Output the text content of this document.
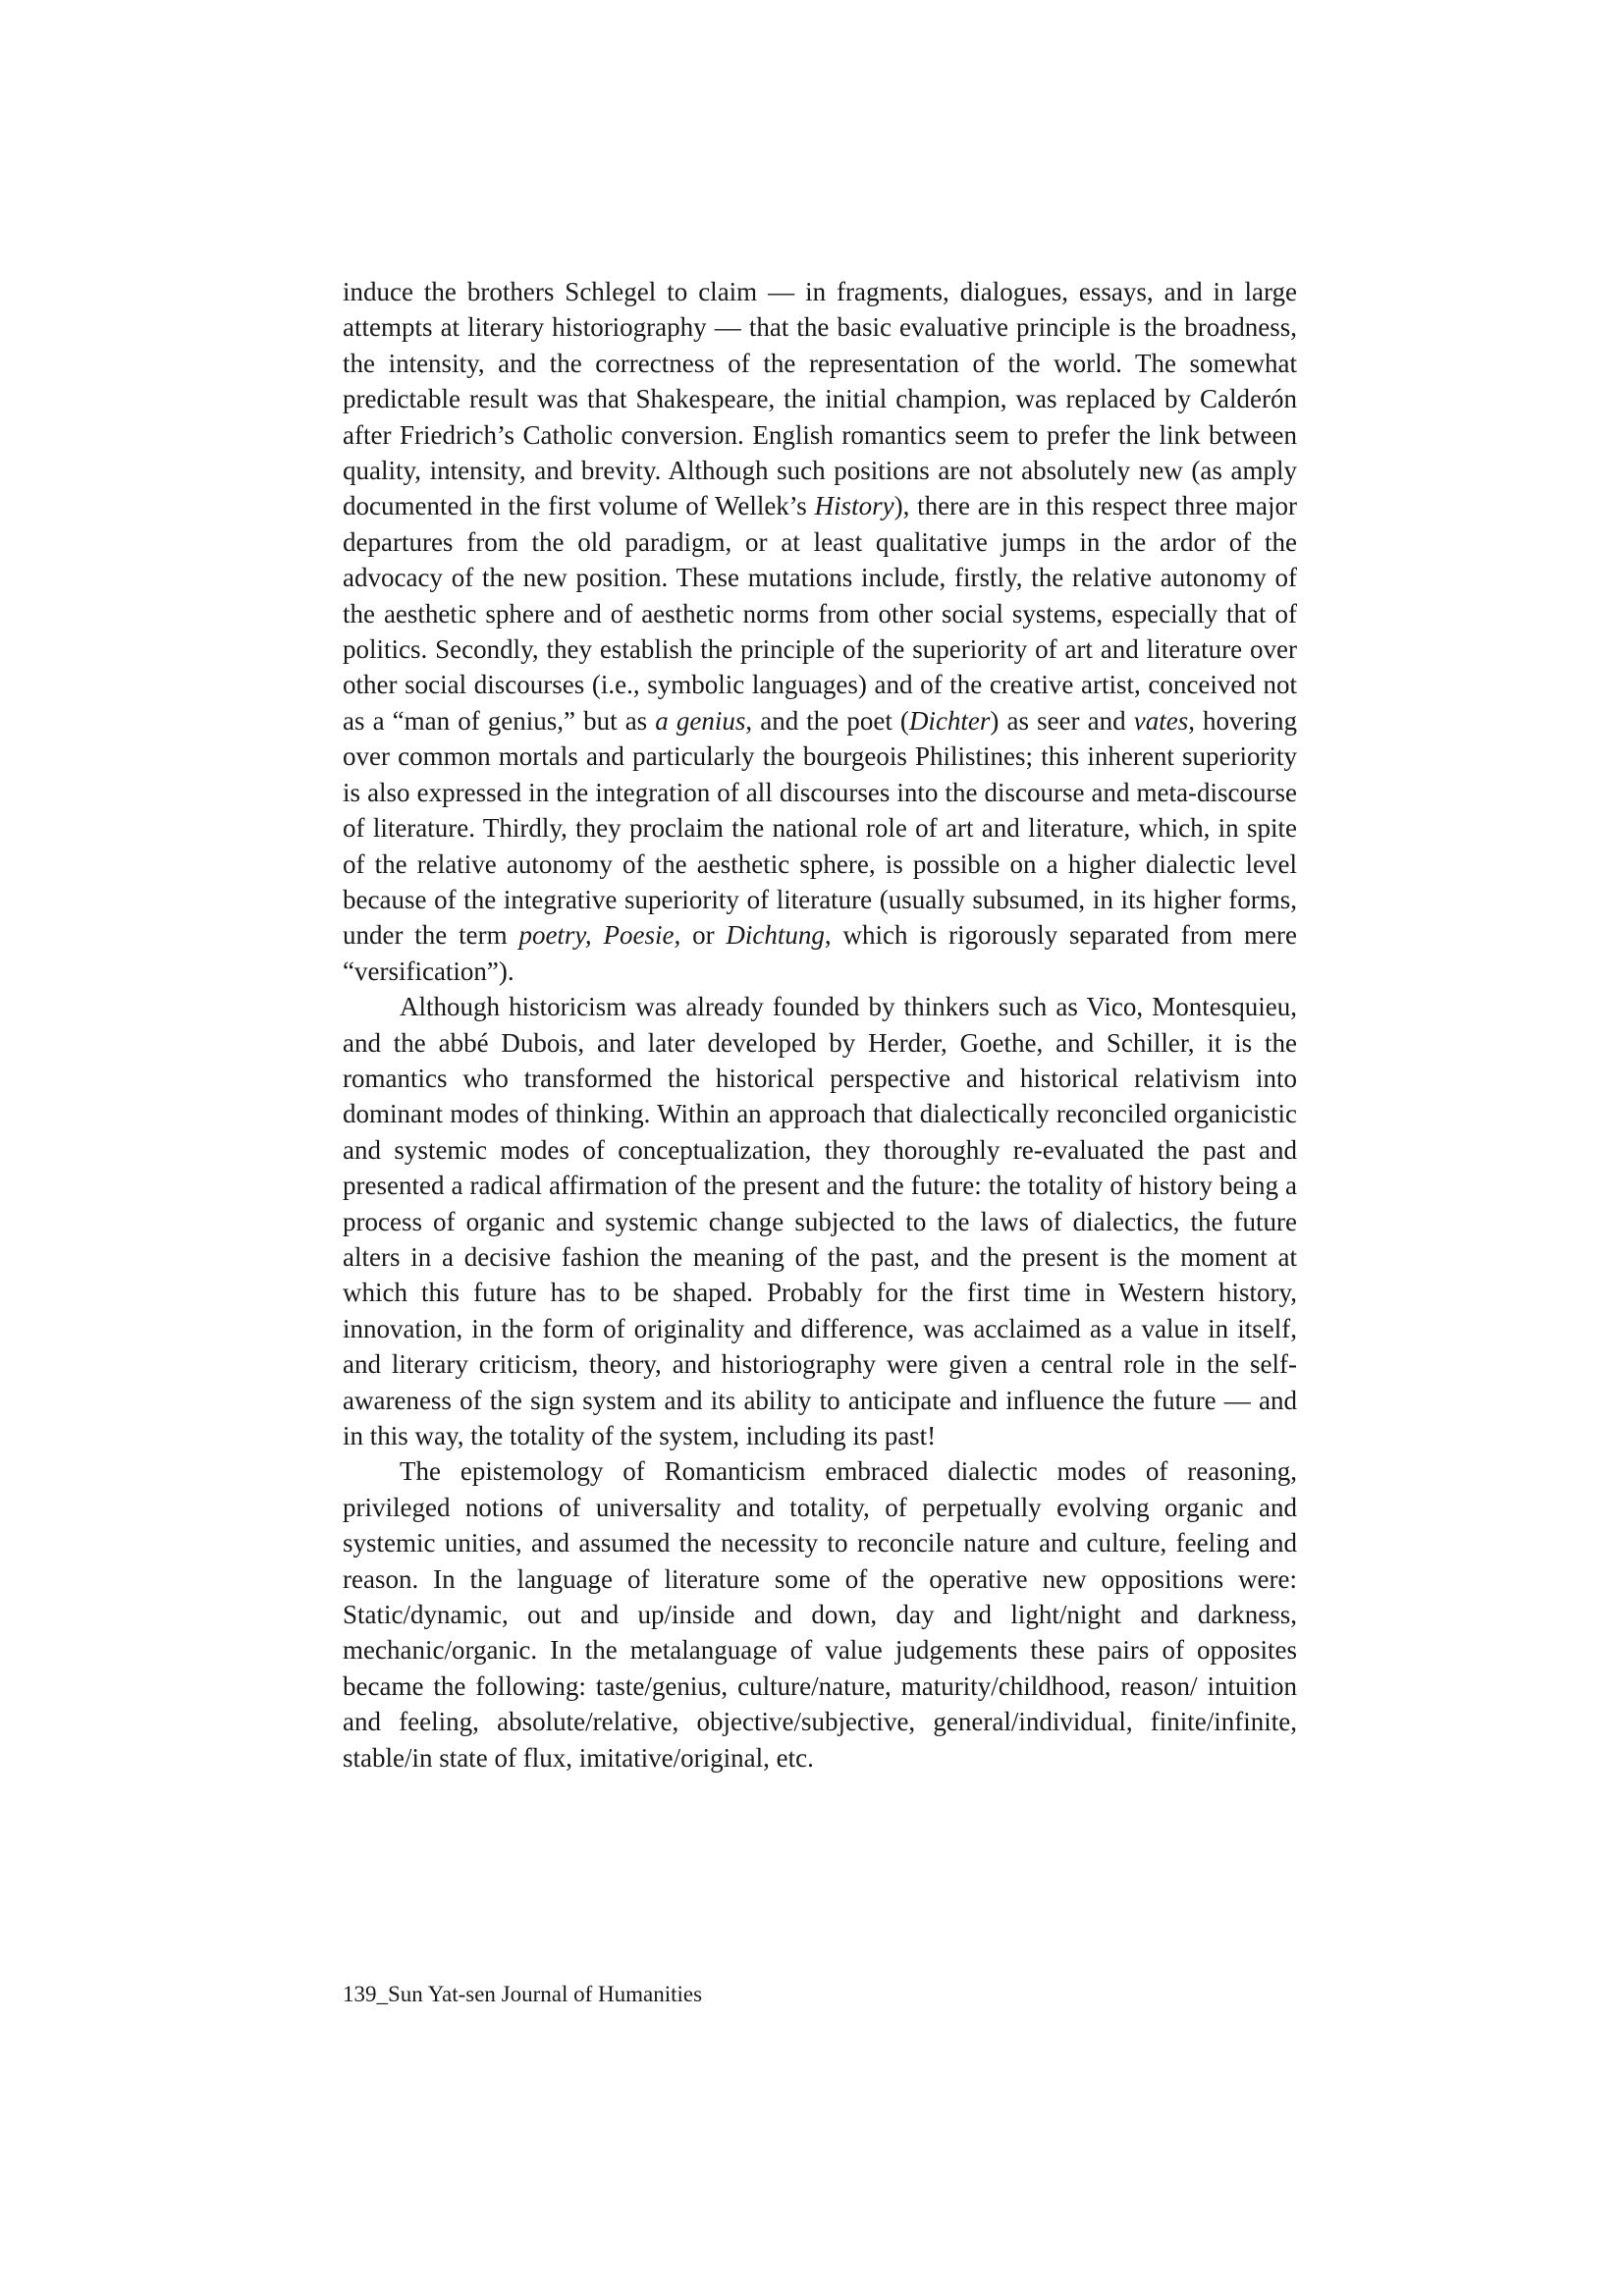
induce the brothers Schlegel to claim — in fragments, dialogues, essays, and in large attempts at literary historiography — that the basic evaluative principle is the broadness, the intensity, and the correctness of the representation of the world. The somewhat predictable result was that Shakespeare, the initial champion, was replaced by Calderón after Friedrich’s Catholic conversion. English romantics seem to prefer the link between quality, intensity, and brevity. Although such positions are not absolutely new (as amply documented in the first volume of Wellek’s History), there are in this respect three major departures from the old paradigm, or at least qualitative jumps in the ardor of the advocacy of the new position. These mutations include, firstly, the relative autonomy of the aesthetic sphere and of aesthetic norms from other social systems, especially that of politics. Secondly, they establish the principle of the superiority of art and literature over other social discourses (i.e., symbolic languages) and of the creative artist, conceived not as a “man of genius,” but as a genius, and the poet (Dichter) as seer and vates, hovering over common mortals and particularly the bourgeois Philistines; this inherent superiority is also expressed in the integration of all discourses into the discourse and meta-discourse of literature. Thirdly, they proclaim the national role of art and literature, which, in spite of the relative autonomy of the aesthetic sphere, is possible on a higher dialectic level because of the integrative superiority of literature (usually subsumed, in its higher forms, under the term poetry, Poesie, or Dichtung, which is rigorously separated from mere “versification”).

Although historicism was already founded by thinkers such as Vico, Montesquieu, and the abbé Dubois, and later developed by Herder, Goethe, and Schiller, it is the romantics who transformed the historical perspective and historical relativism into dominant modes of thinking. Within an approach that dialectically reconciled organicistic and systemic modes of conceptualization, they thoroughly re-evaluated the past and presented a radical affirmation of the present and the future: the totality of history being a process of organic and systemic change subjected to the laws of dialectics, the future alters in a decisive fashion the meaning of the past, and the present is the moment at which this future has to be shaped. Probably for the first time in Western history, innovation, in the form of originality and difference, was acclaimed as a value in itself, and literary criticism, theory, and historiography were given a central role in the self-awareness of the sign system and its ability to anticipate and influence the future — and in this way, the totality of the system, including its past!

The epistemology of Romanticism embraced dialectic modes of reasoning, privileged notions of universality and totality, of perpetually evolving organic and systemic unities, and assumed the necessity to reconcile nature and culture, feeling and reason. In the language of literature some of the operative new oppositions were: Static/dynamic, out and up/inside and down, day and light/night and darkness, mechanic/organic. In the metalanguage of value judgements these pairs of opposites became the following: taste/genius, culture/nature, maturity/childhood, reason/ intuition and feeling, absolute/relative, objective/subjective, general/individual, finite/infinite, stable/in state of flux, imitative/original, etc.

139_Sun Yat-sen Journal of Humanities
